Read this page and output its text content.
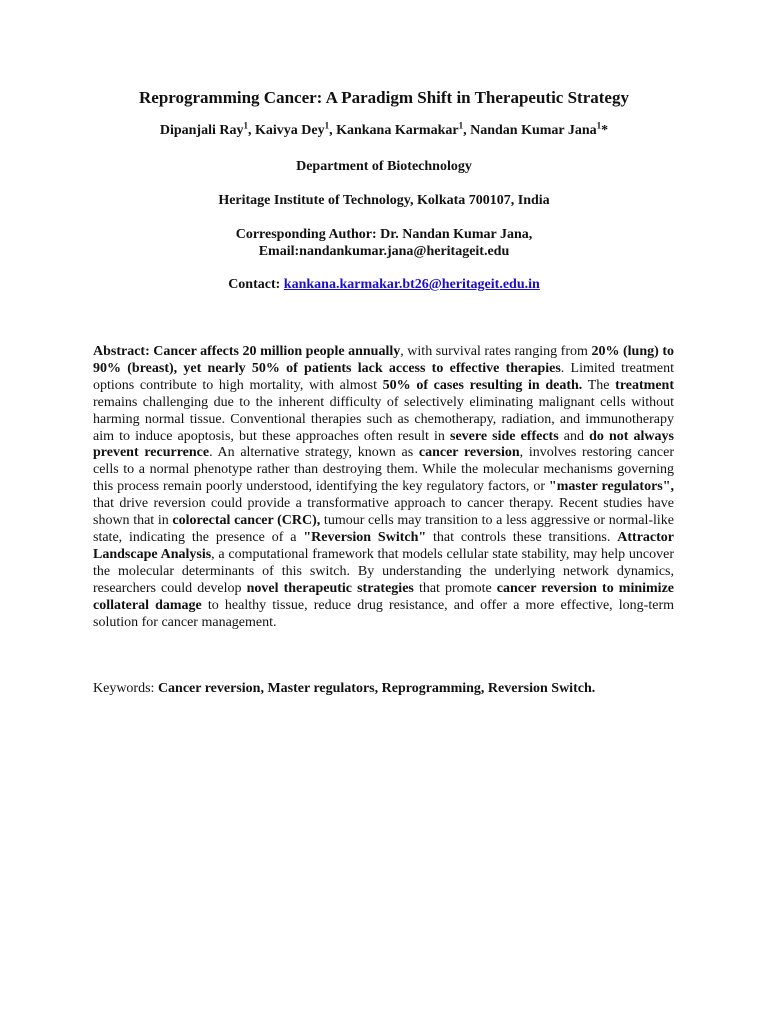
Reprogramming Cancer: A Paradigm Shift in Therapeutic Strategy
Dipanjali Ray$^1$, Kaivya Dey$^1$, Kankana Karmakar$^1$, Nandan Kumar Jana$^1$*
Department of Biotechnology
Heritage Institute of Technology, Kolkata 700107, India
Corresponding Author: Dr. Nandan Kumar Jana,
Email:nandankumar.jana@heritageit.edu
Contact: kankana.karmakar.bt26@heritageit.edu.in
Abstract: Cancer affects 20 million people annually, with survival rates ranging from 20% (lung) to 90% (breast), yet nearly 50% of patients lack access to effective therapies. Limited treatment options contribute to high mortality, with almost 50% of cases resulting in death. The treatment remains challenging due to the inherent difficulty of selectively eliminating malignant cells without harming normal tissue. Conventional therapies such as chemotherapy, radiation, and immunotherapy aim to induce apoptosis, but these approaches often result in severe side effects and do not always prevent recurrence. An alternative strategy, known as cancer reversion, involves restoring cancer cells to a normal phenotype rather than destroying them. While the molecular mechanisms governing this process remain poorly understood, identifying the key regulatory factors, or "master regulators", that drive reversion could provide a transformative approach to cancer therapy. Recent studies have shown that in colorectal cancer (CRC), tumour cells may transition to a less aggressive or normal-like state, indicating the presence of a "Reversion Switch" that controls these transitions. Attractor Landscape Analysis, a computational framework that models cellular state stability, may help uncover the molecular determinants of this switch. By understanding the underlying network dynamics, researchers could develop novel therapeutic strategies that promote cancer reversion to minimize collateral damage to healthy tissue, reduce drug resistance, and offer a more effective, long-term solution for cancer management.
Keywords: Cancer reversion, Master regulators, Reprogramming, Reversion Switch.
